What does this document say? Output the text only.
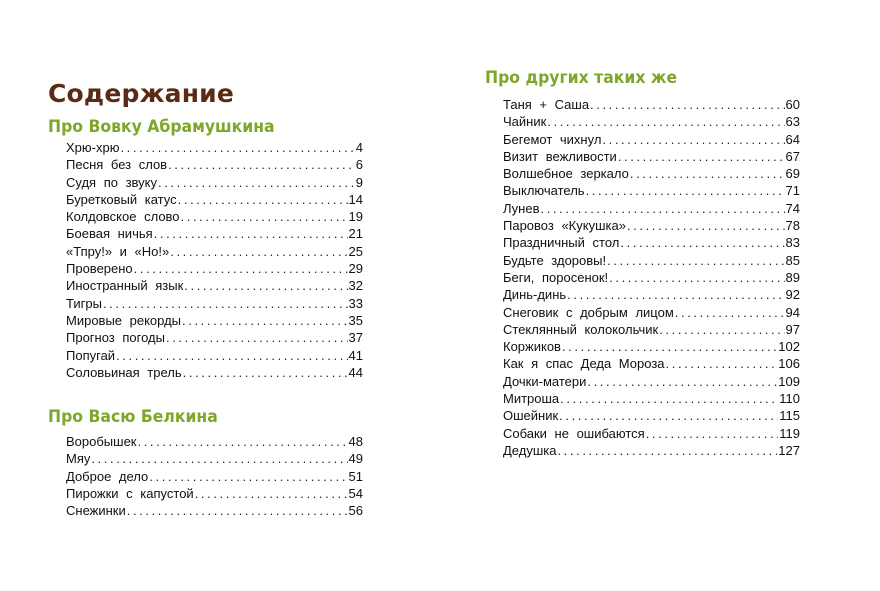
Содержание
Про Вовку Абрамушкина
Хрю-хрю .....	4
Песня без слов .....	6
Судя по звуку .....	9
Буретковый катус .....	14
Колдовское слово .....	19
Боевая ничья .....	21
«Тпру!» и «Но!» .....	25
Проверено .....	29
Иностранный язык .....	32
Тигры .....	33
Мировые рекорды .....	35
Прогноз погоды .....	37
Попугай .....	41
Соловьиная трель .....	44
Про Васю Белкина
Воробышек .....	48
Мяу .....	49
Доброе дело .....	51
Пирожки с капустой .....	54
Снежинки .....	56
Про других таких же
Таня + Саша .....	60
Чайник .....	63
Бегемот чихнул .....	64
Визит вежливости .....	67
Волшебное зеркало .....	69
Выключатель .....	71
Лунев .....	74
Паровоз «Кукушка» .....	78
Праздничный стол .....	83
Будьте здоровы! .....	85
Беги, поросенок! .....	89
Динь-динь .....	92
Снеговик с добрым лицом .....	94
Стеклянный колокольчик .....	97
Коржиков .....	102
Как я спас Деда Мороза .....	106
Дочки-матери .....	109
Митроша .....	110
Ошейник .....	115
Собаки не ошибаются .....	119
Дедушка .....	127
